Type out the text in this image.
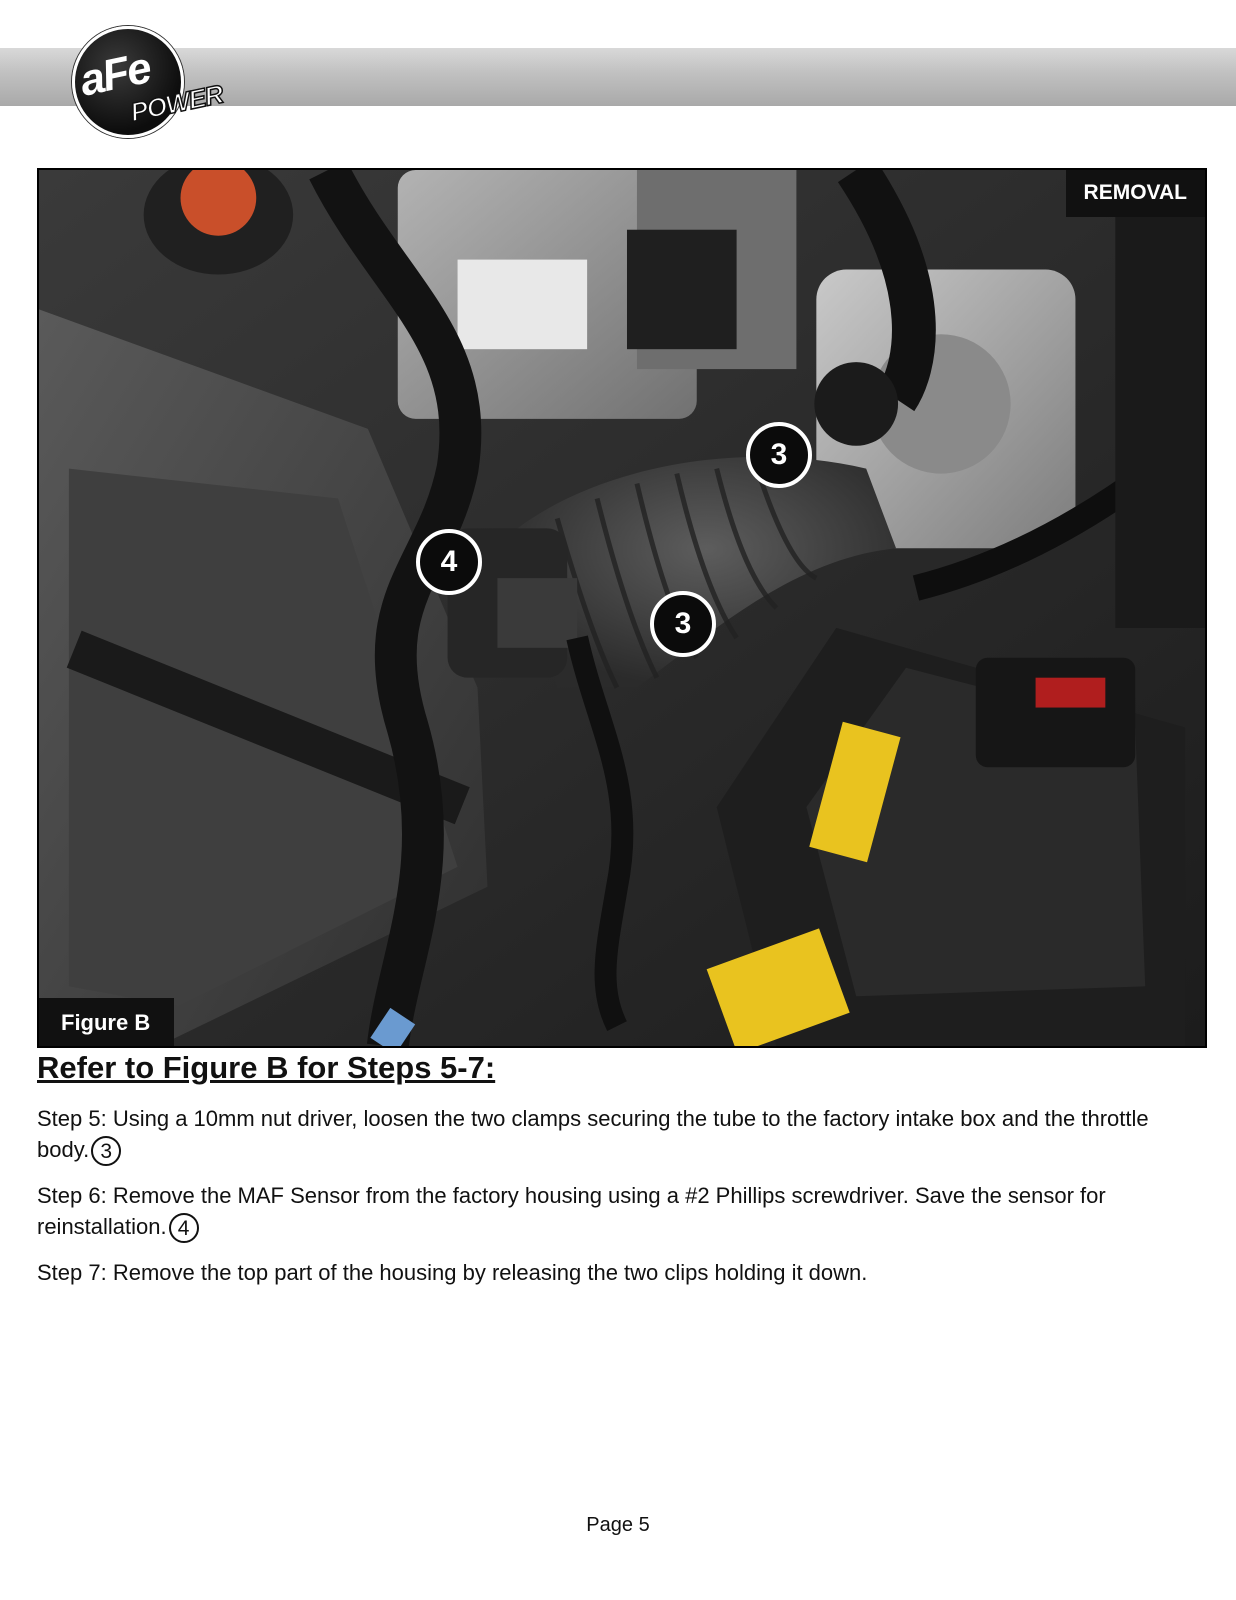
aFe
POWER
REMOVAL
Figure B
3
3
4
Refer to Figure B for Steps 5-7:
Step 5: Using a 10mm nut driver, loosen the two clamps securing the tube to the factory intake box and the throttle body. 3
Step 6: Remove the MAF Sensor from the factory housing using a #2 Phillips screwdriver. Save the sensor for reinstallation. 4
Step 7: Remove the top part of the housing by releasing the two clips holding it down.
Page 5
